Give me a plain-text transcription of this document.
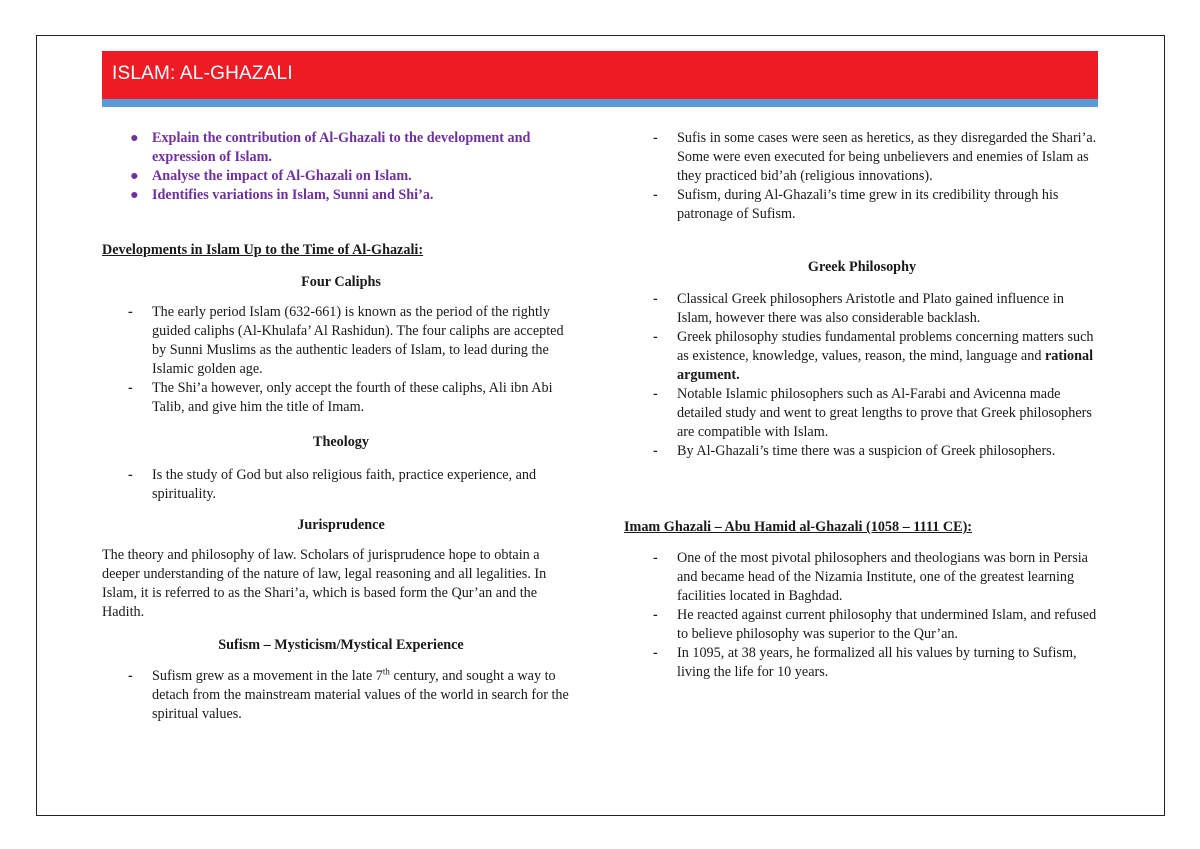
ISLAM: AL-GHAZALI
● Explain the contribution of Al-Ghazali to the development and expression of Islam.
● Analyse the impact of Al-Ghazali on Islam.
● Identifies variations in Islam, Sunni and Shi’a.
Developments in Islam Up to the Time of Al-Ghazali:
Four Caliphs
- The early period Islam (632-661) is known as the period of the rightly guided caliphs (Al-Khulafa’ Al Rashidun). The four caliphs are accepted by Sunni Muslims as the authentic leaders of Islam, to lead during the Islamic golden age.
- The Shi’a however, only accept the fourth of these caliphs, Ali ibn Abi Talib, and give him the title of Imam.
Theology
- Is the study of God but also religious faith, practice experience, and spirituality.
Jurisprudence

The theory and philosophy of law. Scholars of jurisprudence hope to obtain a deeper understanding of the nature of law, legal reasoning and all legalities. In Islam, it is referred to as the Shari’a, which is based form the Qur’an and the Hadith.

Sufism – Mysticism/Mystical Experience
- Sufism grew as a movement in the late 7th century, and sought a way to detach from the mainstream material values of the world in search for the spiritual values.
- Sufis in some cases were seen as heretics, as they disregarded the Shari’a. Some were even executed for being unbelievers and enemies of Islam as they practiced bid’ah (religious innovations).
- Sufism, during Al-Ghazali’s time grew in its credibility through his patronage of Sufism.
Greek Philosophy
- Classical Greek philosophers Aristotle and Plato gained influence in Islam, however there was also considerable backlash.
- Greek philosophy studies fundamental problems concerning matters such as existence, knowledge, values, reason, the mind, language and rational argument.
- Notable Islamic philosophers such as Al-Farabi and Avicenna made detailed study and went to great lengths to prove that Greek philosophers are compatible with Islam.
- By Al-Ghazali’s time there was a suspicion of Greek philosophers.
Imam Ghazali – Abu Hamid al-Ghazali (1058 – 1111 CE):
- One of the most pivotal philosophers and theologians was born in Persia and became head of the Nizamia Institute, one of the greatest learning facilities located in Baghdad.
- He reacted against current philosophy that undermined Islam, and refused to believe philosophy was superior to the Qur’an.
- In 1095, at 38 years, he formalized all his values by turning to Sufism, living the life for 10 years.
